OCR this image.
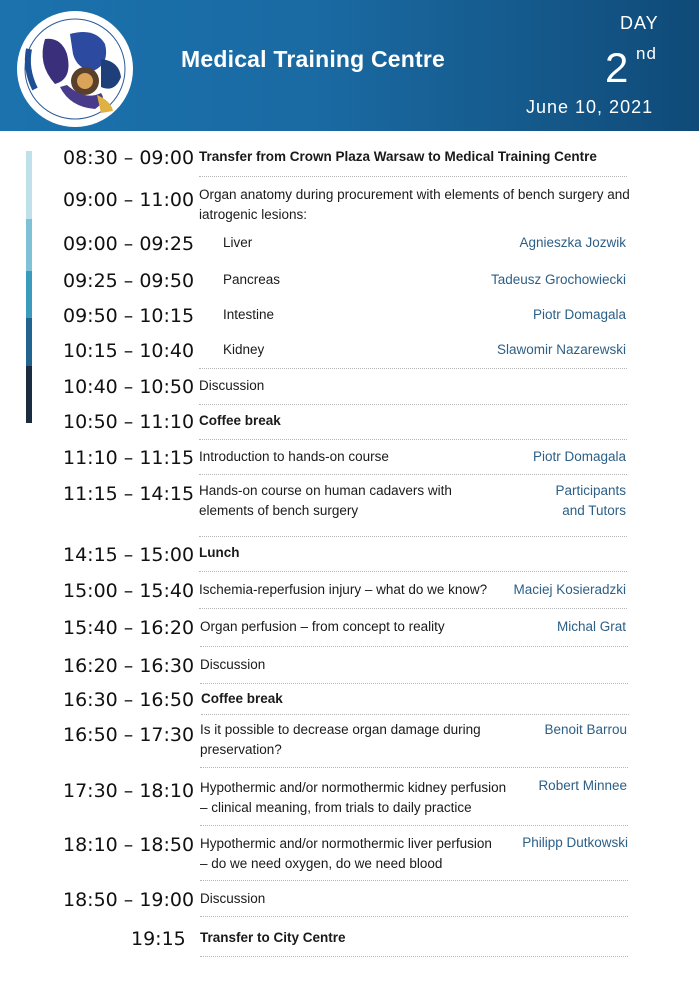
Medical Training Centre
DAY
2 nd
June 10, 2021
08:30 – 09:00 Transfer from Crown Plaza Warsaw to Medical Training Centre
09:00 – 11:00 Organ anatomy during procurement with elements of bench surgery and
iatrogenic lesions:
09:00 – 09:25 Liver	Agnieszka Jozwik
09:25 – 09:50 Pancreas	Tadeusz Grochowiecki
09:50 – 10:15 Intestine	Piotr Domagala
10:15 – 10:40 Kidney	Slawomir Nazarewski
10:40 – 10:50 Discussion
10:50 – 11:10 Coffee break
11:10 – 11:15 Introduction to hands-on course	Piotr Domagala
11:15 – 14:15 Hands-on course on human cadavers with
elements of bench surgery
Participants
and Tutors
14:15 – 15:00 Lunch
15:00 – 15:40 Ischemia-reperfusion injury – what do we know? Maciej Kosieradzki
15:40 – 16:20 Organ perfusion – from concept to reality	Michal Grat
16:20 – 16:30 Discussion
16:30 – 16:50 Coffee break
16:50 – 17:30 Is it possible to decrease organ damage during
preservation?
Benoit Barrou
17:30 – 18:10 Hypothermic and/or normothermic kidney perfusion
– clinical meaning, from trials to daily practice
Robert Minnee
18:10 – 18:50 Hypothermic and/or normothermic liver perfusion
– do we need oxygen, do we need blood
Philipp Dutkowski
18:50 – 19:00 Discussion
19:15 Transfer to City Centre
